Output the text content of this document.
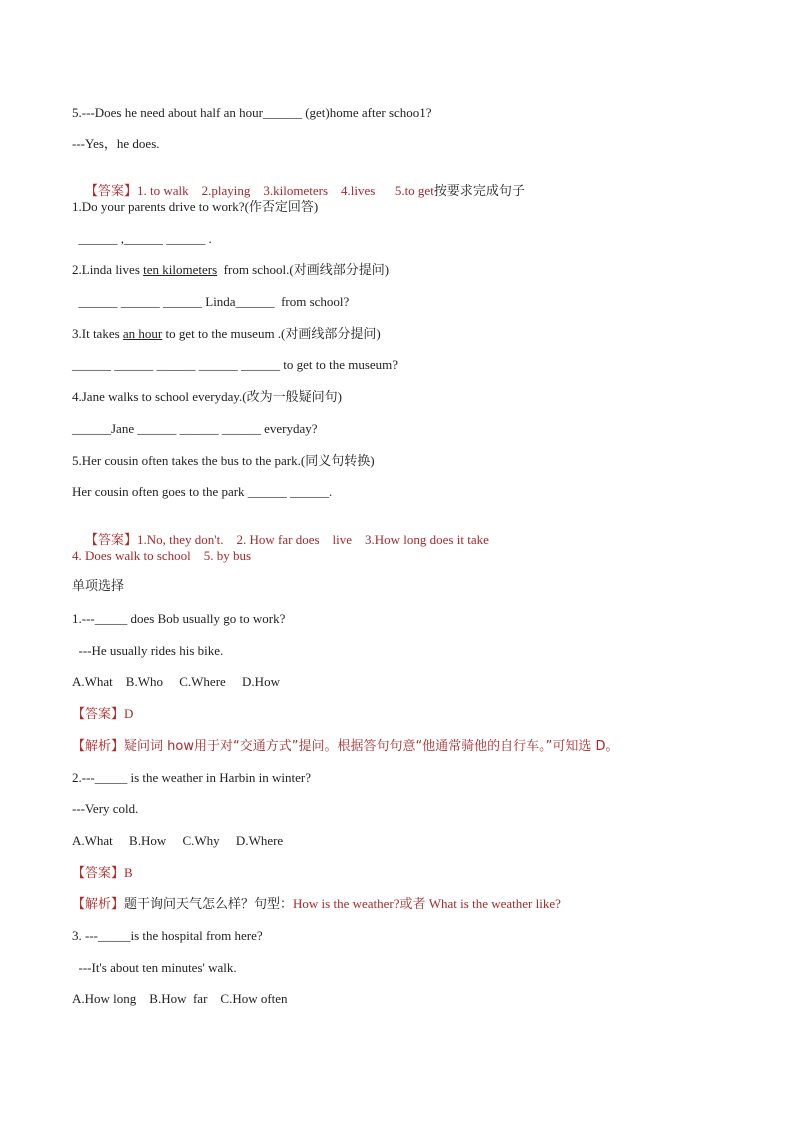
5.---Does he need about half an hour______ (get)home after schoo1?
---Yes，he does.

【答案】1. to walk    2.playing    3.kilometers    4.lives      5.to get按要求完成句子

1.Do your parents drive to work?(作否定回答)
______ ,______ ______ .
2.Linda lives ten kilometers  from school.(对画线部分提问)
______ ______ ______ Linda______  from school?
3.It takes an hour to get to the museum .(对画线部分提问)
______ ______ ______ ______ ______ to get to the museum?
4.Jane walks to school everyday.(改为一般疑问句)
______Jane ______ ______ ______ everyday?
5.Her cousin often takes the bus to the park.(同义句转换)
Her cousin often goes to the park ______ ______.

【答案】1.No, they don't.    2. How far does    live    3.How long does it take

4. Does walk to school    5. by bus
单项选择
1.---_____ does Bob usually go to work?
---He usually rides his bike.
A.What    B.Who     C.Where     D.How
【答案】D
【解析】疑问词 how用于对“交通方式”提问。根据答句句意“他通常骑他的自行车。”可知选 D。
2.---_____ is the weather in Harbin in winter?
---Very cold.
A.What     B.How     C.Why     D.Where
【答案】B
【解析】题干询问天气怎么样？句型：How is the weather?或者 What is the weather like?
3. ---_____is the hospital from here?
---It's about ten minutes' walk.
A.How long    B.How  far    C.How often
